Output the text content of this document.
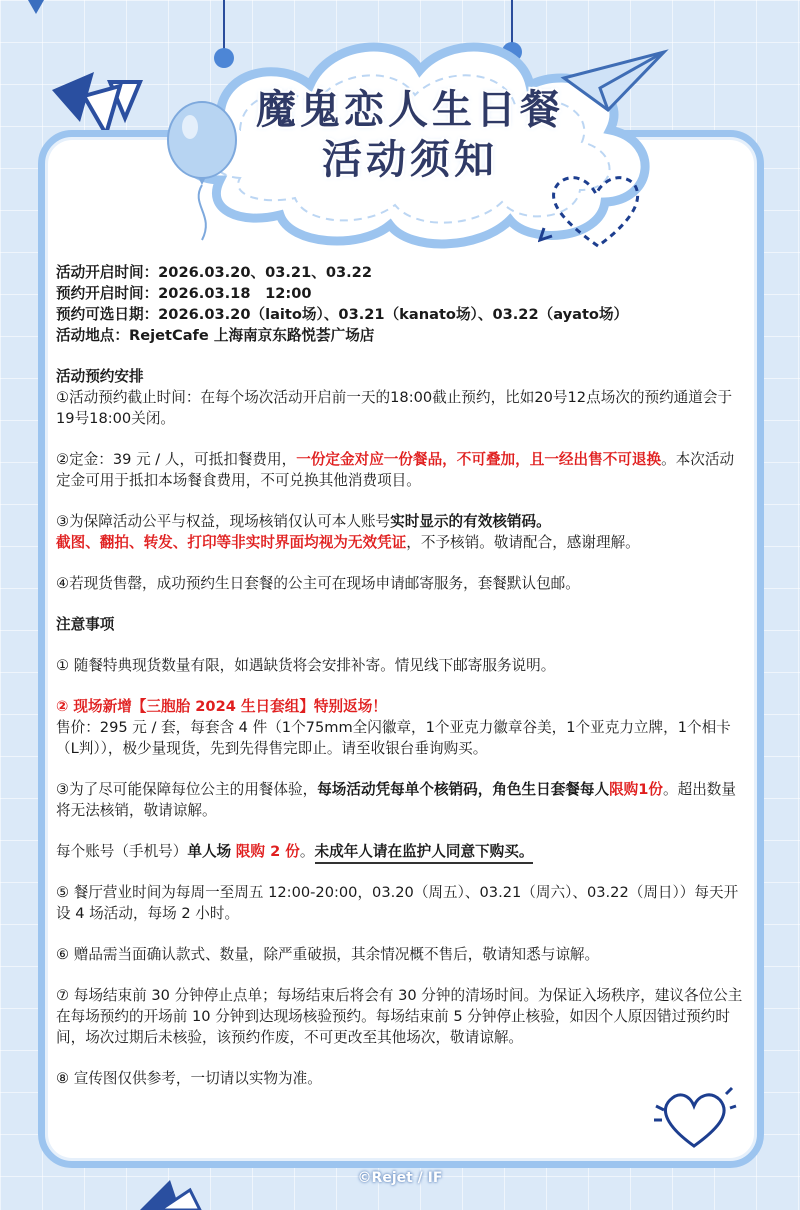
魔鬼恋人生日餐
活动须知

活动开启时间：2026.03.20、03.21、03.22

预约开启时间：2026.03.18　12:00

预约可选日期：2026.03.20（laito场）、03.21（kanato场）、03.22（ayato场）

活动地点：RejetCafe 上海南京东路悦荟广场店

活动预约安排

①活动预约截止时间：在每个场次活动开启前一天的18:00截止预约，比如20号12点场次的预约通道会于19号18:00关闭。

②定金：39 元 / 人，可抵扣餐费用，一份定金对应一份餐品，不可叠加，且一经出售不可退换。本次活动定金可用于抵扣本场餐食费用，不可兑换其他消费项目。

③为保障活动公平与权益，现场核销仅认可本人账号实时显示的有效核销码。
截图、翻拍、转发、打印等非实时界面均视为无效凭证，不予核销。敬请配合，感谢理解。

④若现货售罄，成功预约生日套餐的公主可在现场申请邮寄服务，套餐默认包邮。

注意事项

① 随餐特典现货数量有限，如遇缺货将会安排补寄。情见线下邮寄服务说明。

② 现场新增【三胞胎 2024 生日套组】特别返场！

售价：295 元 / 套，每套含 4 件（1个75mm全闪徽章，1个亚克力徽章谷美，1个亚克力立牌，1个相卡（L判）），极少量现货，先到先得售完即止。请至收银台垂询购买。

③为了尽可能保障每位公主的用餐体验，每场活动凭每单个核销码，角色生日套餐每人限购1份。超出数量将无法核销，敬请谅解。

每个账号（手机号）单人场 限购 2 份。未成年人请在监护人同意下购买。

⑤ 餐厅营业时间为每周一至周五 12:00-20:00，03.20（周五）、03.21（周六）、03.22（周日））每天开设 4 场活动，每场 2 小时。

⑥ 赠品需当面确认款式、数量，除严重破损，其余情况概不售后，敬请知悉与谅解。

⑦ 每场结束前 30 分钟停止点单；每场结束后将会有 30 分钟的清场时间。为保证入场秩序，建议各位公主在每场预约的开场前 10 分钟到达现场核验预约。每场结束前 5 分钟停止核验，如因个人原因错过预约时间，场次过期后未核验，该预约作废，不可更改至其他场次，敬请谅解。

⑧ 宣传图仅供参考，一切请以实物为准。

©Rejet / IF
